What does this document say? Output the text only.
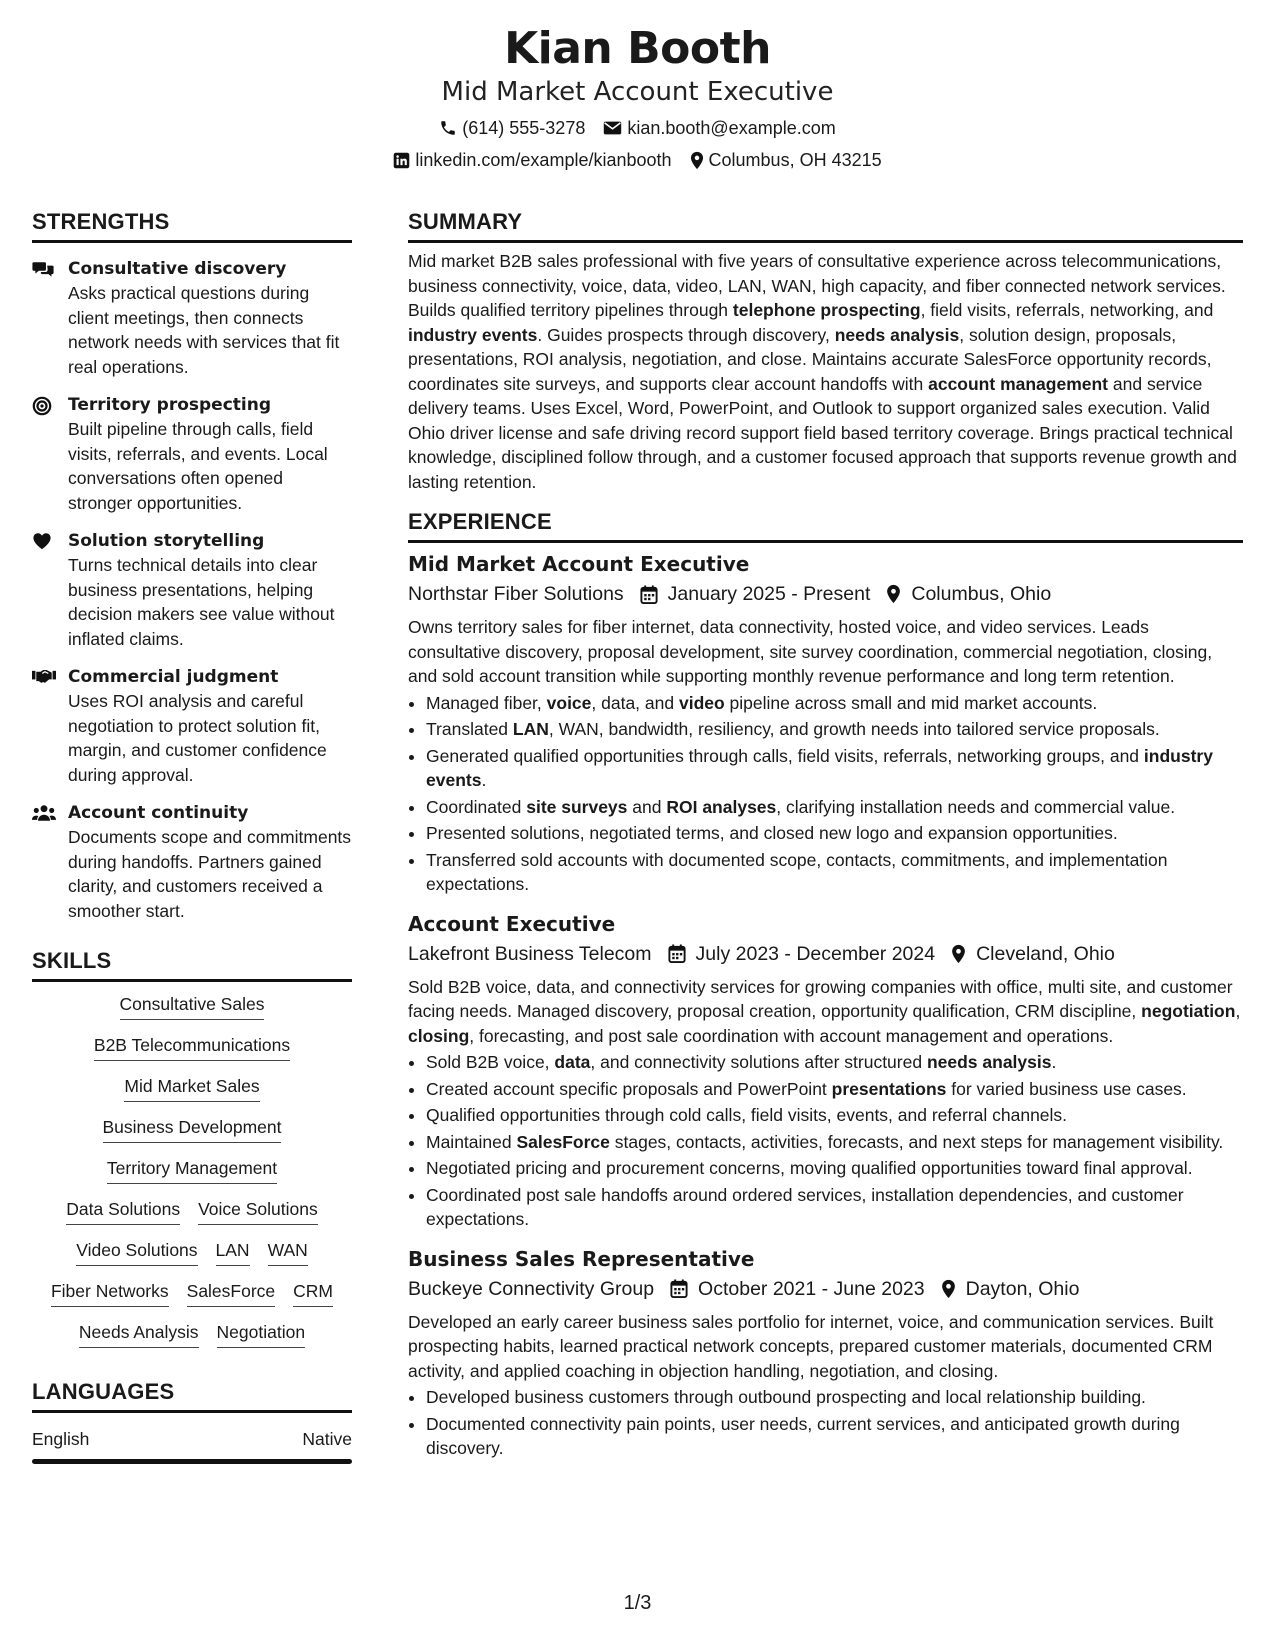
Kian Booth
Mid Market Account Executive
(614) 555-3278 kian.booth@example.com
linkedin.com/example/kianbooth Columbus, OH 43215
STRENGTHS
Consultative discovery
Asks practical questions during client meetings, then connects network needs with services that fit real operations.
Territory prospecting
Built pipeline through calls, field visits, referrals, and events. Local conversations often opened stronger opportunities.
Solution storytelling
Turns technical details into clear business presentations, helping decision makers see value without inflated claims.
Commercial judgment
Uses ROI analysis and careful negotiation to protect solution fit, margin, and customer confidence during approval.
Account continuity
Documents scope and commitments during handoffs. Partners gained clarity, and customers received a smoother start.
SKILLS
Consultative Sales
B2B Telecommunications
Mid Market Sales
Business Development
Territory Management
Data Solutions Voice Solutions
Video Solutions LAN WAN
Fiber Networks SalesForce CRM
Needs Analysis Negotiation
LANGUAGES
English	Native
SUMMARY

Mid market B2B sales professional with five years of consultative experience across telecommunications, business connectivity, voice, data, video, LAN, WAN, high capacity, and fiber connected network services. Builds qualified territory pipelines through telephone prospecting, field visits, referrals, networking, and industry events. Guides prospects through discovery, needs analysis, solution design, proposals, presentations, ROI analysis, negotiation, and close. Maintains accurate SalesForce opportunity records, coordinates site surveys, and supports clear account handoffs with account management and service delivery teams. Uses Excel, Word, PowerPoint, and Outlook to support organized sales execution. Valid Ohio driver license and safe driving record support field based territory coverage. Brings practical technical knowledge, disciplined follow through, and a customer focused approach that supports revenue growth and lasting retention.

EXPERIENCE
Mid Market Account Executive
Northstar Fiber Solutions January 2025 - Present Columbus, Ohio

Owns territory sales for fiber internet, data connectivity, hosted voice, and video services. Leads consultative discovery, proposal development, site survey coordination, commercial negotiation, closing, and sold account transition while supporting monthly revenue performance and long term retention.

• Managed fiber, voice, data, and video pipeline across small and mid market accounts.
• Translated LAN, WAN, bandwidth, resiliency, and growth needs into tailored service proposals.
• Generated qualified opportunities through calls, field visits, referrals, networking groups, and industry events.
• Coordinated site surveys and ROI analyses, clarifying installation needs and commercial value.
• Presented solutions, negotiated terms, and closed new logo and expansion opportunities.
• Transferred sold accounts with documented scope, contacts, commitments, and implementation expectations.
Account Executive
Lakefront Business Telecom July 2023 - December 2024 Cleveland, Ohio

Sold B2B voice, data, and connectivity services for growing companies with office, multi site, and customer facing needs. Managed discovery, proposal creation, opportunity qualification, CRM discipline, negotiation, closing, forecasting, and post sale coordination with account management and operations.

• Sold B2B voice, data, and connectivity solutions after structured needs analysis.
• Created account specific proposals and PowerPoint presentations for varied business use cases.
• Qualified opportunities through cold calls, field visits, events, and referral channels.
• Maintained SalesForce stages, contacts, activities, forecasts, and next steps for management visibility.
• Negotiated pricing and procurement concerns, moving qualified opportunities toward final approval.
• Coordinated post sale handoffs around ordered services, installation dependencies, and customer expectations.
Business Sales Representative
Buckeye Connectivity Group October 2021 - June 2023 Dayton, Ohio

Developed an early career business sales portfolio for internet, voice, and communication services. Built prospecting habits, learned practical network concepts, prepared customer materials, documented CRM activity, and applied coaching in objection handling, negotiation, and closing.

• Developed business customers through outbound prospecting and local relationship building.
• Documented connectivity pain points, user needs, current services, and anticipated growth during discovery.
1/3
